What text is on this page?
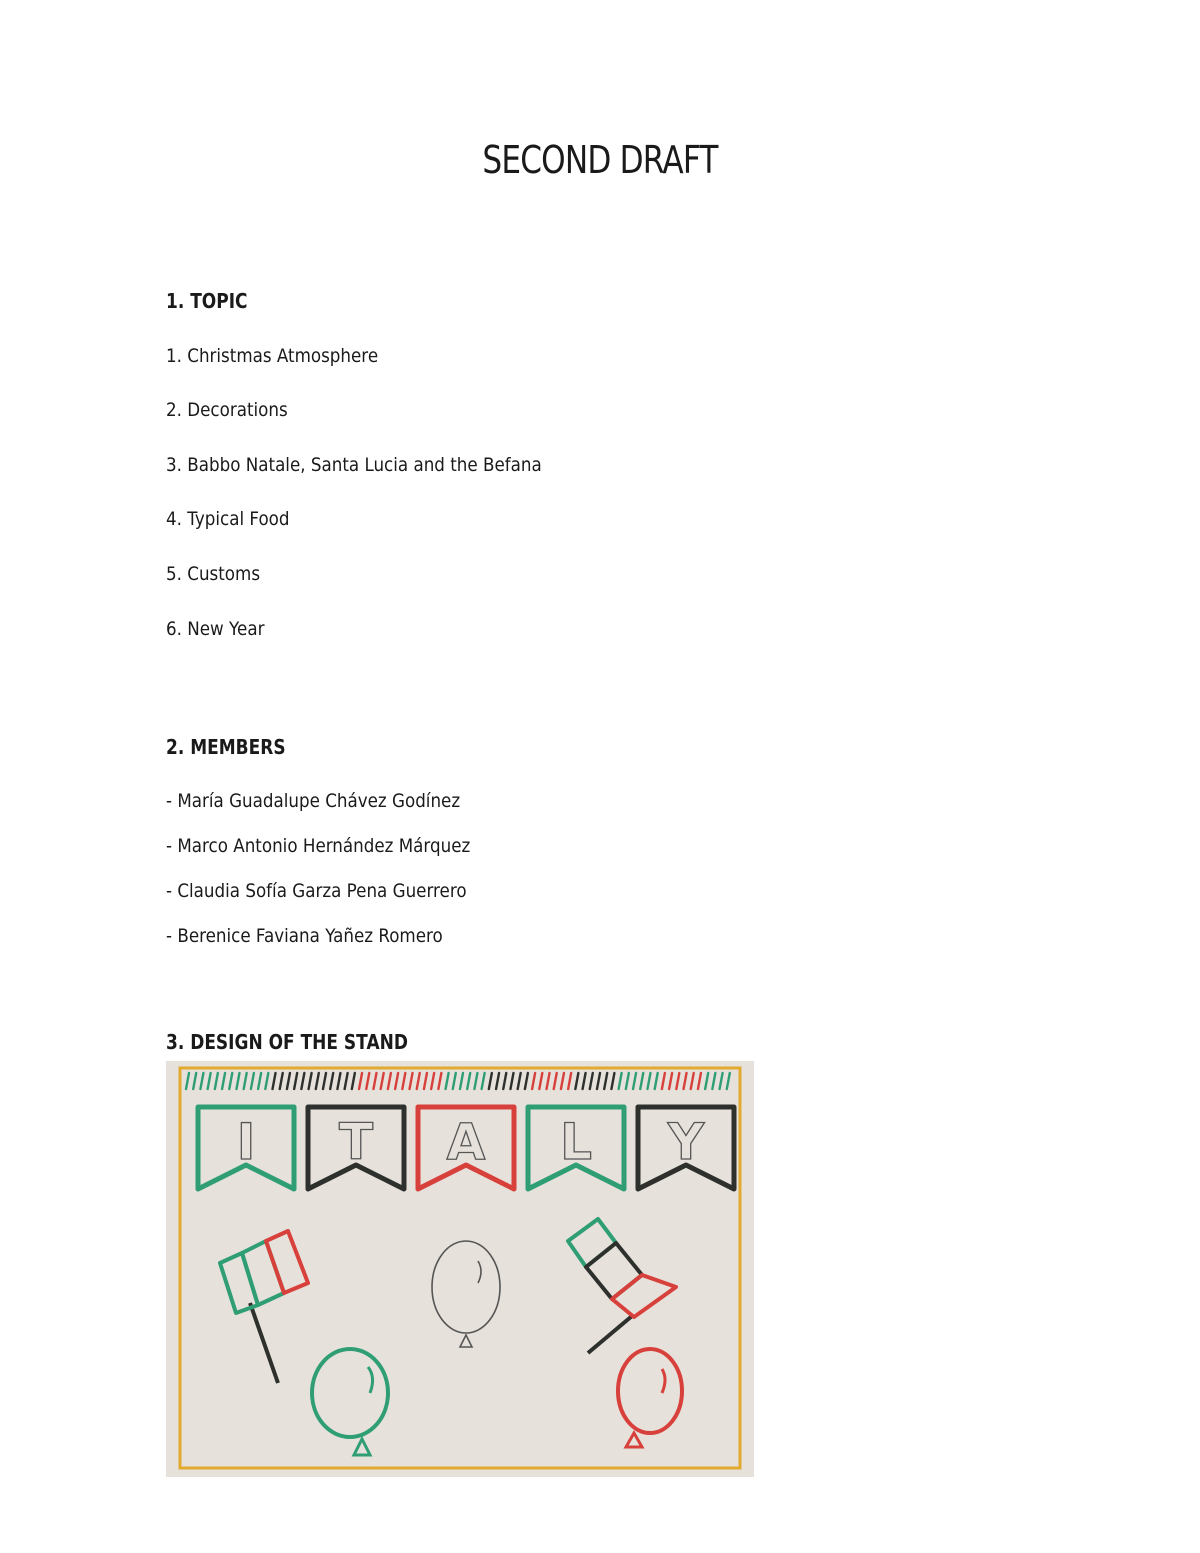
SECOND DRAFT
1. TOPIC
1. Christmas Atmosphere
2. Decorations
3. Babbo Natale, Santa Lucia and the Befana
4. Typical Food
5. Customs
6. New Year
2. MEMBERS
- María Guadalupe Chávez Godínez
- Marco Antonio Hernández Márquez
- Claudia Sofía Garza Pena Guerrero
- Berenice Faviana Yañez Romero
3. DESIGN OF THE STAND
I T A L Y
